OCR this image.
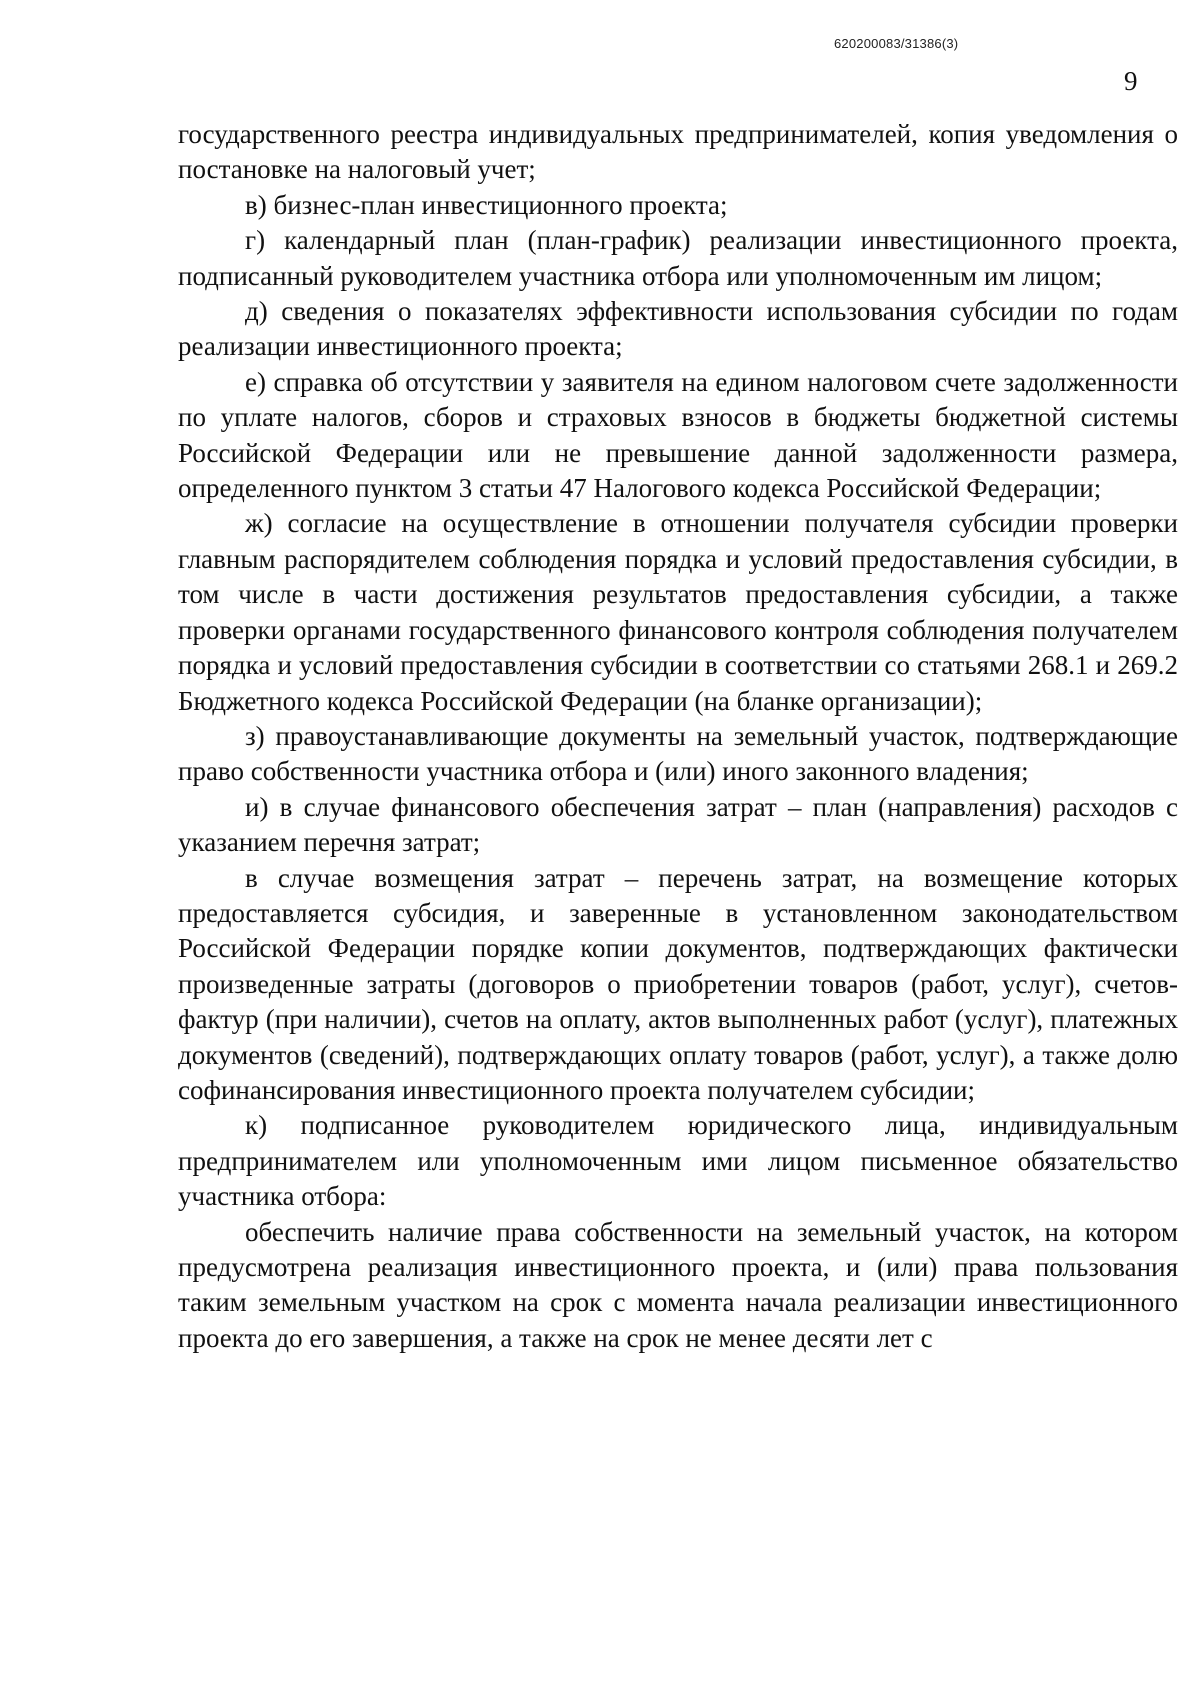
620200083/31386(3)
9

государственного реестра индивидуальных предпринимателей, копия уведомления о постановке на налоговый учет;

в) бизнес-план инвестиционного проекта;

г) календарный план (план-график) реализации инвестиционного проекта, подписанный руководителем участника отбора или уполномоченным им лицом;

д) сведения о показателях эффективности использования субсидии по годам реализации инвестиционного проекта;

е) справка об отсутствии у заявителя на едином налоговом счете задолженности по уплате налогов, сборов и страховых взносов в бюджеты бюджетной системы Российской Федерации или не превышение данной задолженности размера, определенного пунктом 3 статьи 47 Налогового кодекса Российской Федерации;

ж) согласие на осуществление в отношении получателя субсидии проверки главным распорядителем соблюдения порядка и условий предоставления субсидии, в том числе в части достижения результатов предоставления субсидии, а также проверки органами государственного финансового контроля соблюдения получателем порядка и условий предоставления субсидии в соответствии со статьями 268.1 и 269.2 Бюджетного кодекса Российской Федерации (на бланке организации);

з) правоустанавливающие документы на земельный участок, подтверждающие право собственности участника отбора и (или) иного законного владения;

и) в случае финансового обеспечения затрат – план (направления) расходов с указанием перечня затрат;

в случае возмещения затрат – перечень затрат, на возмещение которых предоставляется субсидия, и заверенные в установленном законодательством Российской Федерации порядке копии документов, подтверждающих фактически произведенные затраты (договоров о приобретении товаров (работ, услуг), счетов-фактур (при наличии), счетов на оплату, актов выполненных работ (услуг), платежных документов (сведений), подтверждающих оплату товаров (работ, услуг), а также долю софинансирования инвестиционного проекта получателем субсидии;

к) подписанное руководителем юридического лица, индивидуальным предпринимателем или уполномоченным ими лицом письменное обязательство участника отбора:

обеспечить наличие права собственности на земельный участок, на котором предусмотрена реализация инвестиционного проекта, и (или) права пользования таким земельным участком на срок с момента начала реализации инвестиционного проекта до его завершения, а также на срок не менее десяти лет с
